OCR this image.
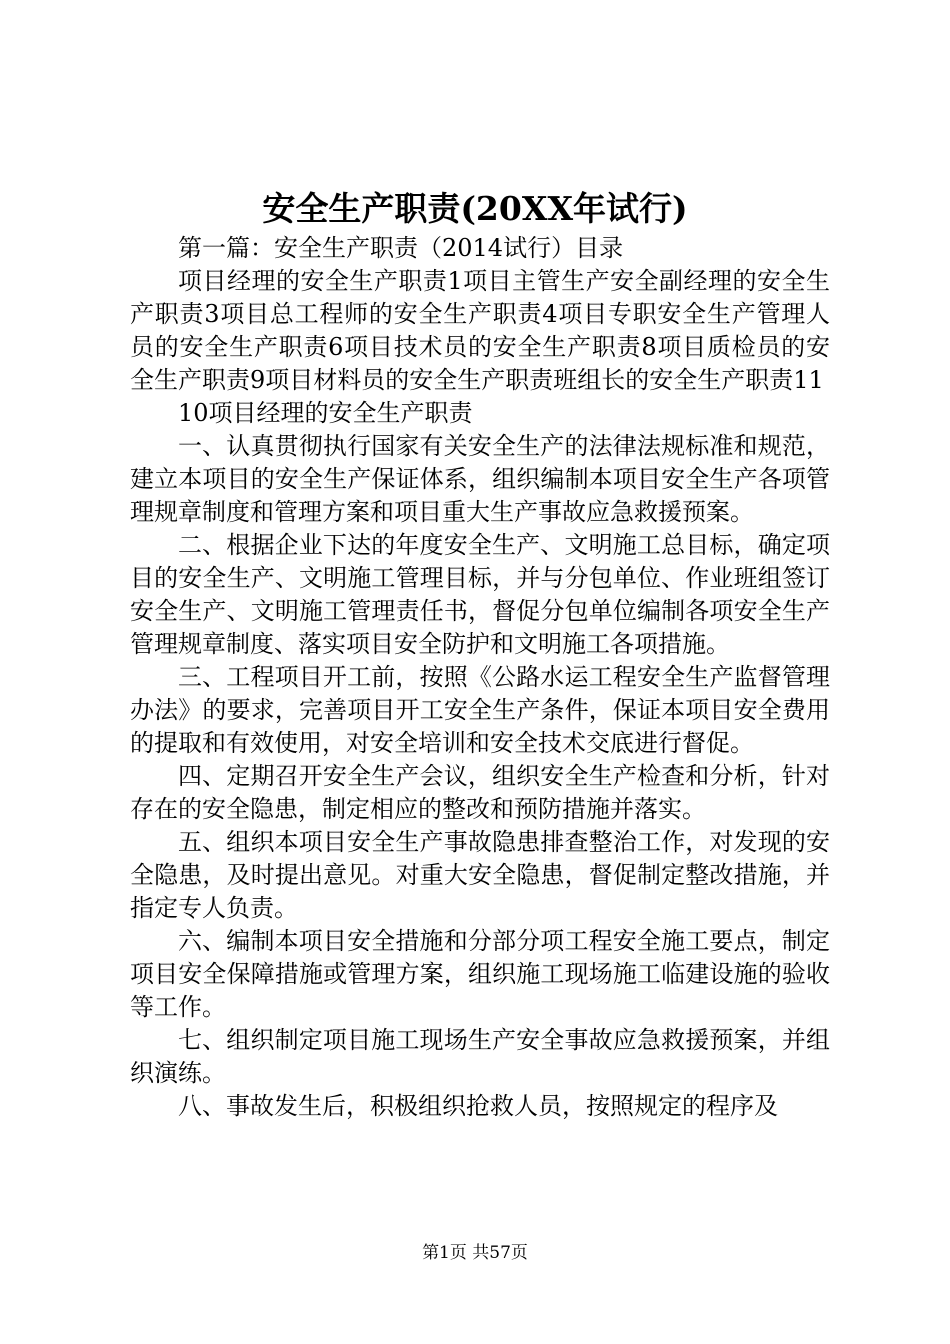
安全生产职责(20XX年试行)

第一篇：安全生产职责（2014试行）目录

项目经理的安全生产职责1项目主管生产安全副经理的安全生产职责3项目总工程师的安全生产职责4项目专职安全生产管理人员的安全生产职责6项目技术员的安全生产职责8项目质检员的安全生产职责9项目材料员的安全生产职责班组长的安全生产职责11

10项目经理的安全生产职责

一、认真贯彻执行国家有关安全生产的法律法规标准和规范，建立本项目的安全生产保证体系，组织编制本项目安全生产各项管理规章制度和管理方案和项目重大生产事故应急救援预案。

二、根据企业下达的年度安全生产、文明施工总目标，确定项目的安全生产、文明施工管理目标，并与分包单位、作业班组签订安全生产、文明施工管理责任书，督促分包单位编制各项安全生产管理规章制度、落实项目安全防护和文明施工各项措施。

三、工程项目开工前，按照《公路水运工程安全生产监督管理办法》的要求，完善项目开工安全生产条件，保证本项目安全费用的提取和有效使用，对安全培训和安全技术交底进行督促。

四、定期召开安全生产会议，组织安全生产检查和分析，针对存在的安全隐患，制定相应的整改和预防措施并落实。

五、组织本项目安全生产事故隐患排查整治工作，对发现的安全隐患，及时提出意见。对重大安全隐患，督促制定整改措施，并指定专人负责。

六、编制本项目安全措施和分部分项工程安全施工要点，制定项目安全保障措施或管理方案，组织施工现场施工临建设施的验收等工作。

七、组织制定项目施工现场生产安全事故应急救援预案，并组织演练。

八、事故发生后，积极组织抢救人员，按照规定的程序及

第1页 共57页
